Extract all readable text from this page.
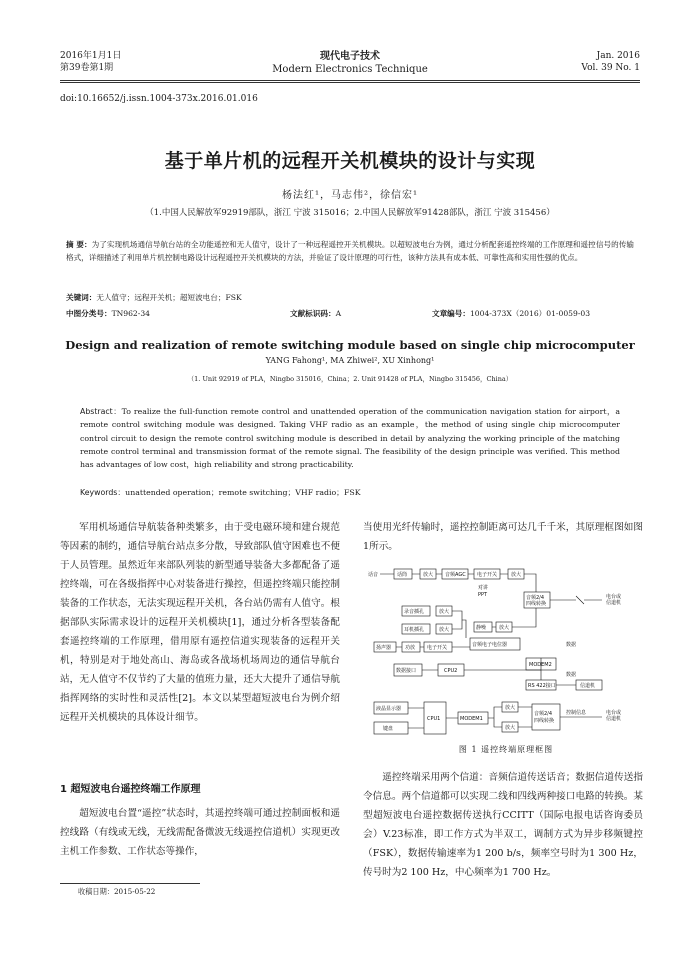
2016年1月1日
第39卷第1期
现代电子技术
Modern Electronics Technique
Jan. 2016
Vol. 39 No. 1
doi:10.16652/j.issn.1004-373x.2016.01.016
基于单片机的远程开关机模块的设计与实现
杨法红¹，马志伟²，徐信宏¹
（1.中国人民解放军92919部队，浙江 宁波 315016；2.中国人民解放军91428部队，浙江 宁波 315456）
摘 要：为了实现机场通信导航台站的全功能遥控和无人值守，设计了一种远程遥控开关机模块。以超短波电台为例，通过分析配套遥控终端的工作原理和遥控信号的传输格式，详细描述了利用单片机控制电路设计远程遥控开关机模块的方法，并验证了设计原理的可行性，该种方法具有成本低、可靠性高和实用性强的优点。
关键词：无人值守；远程开关机；超短波电台；FSK
中图分类号：TN962-34	文献标识码：A	文章编号：1004-373X（2016）01-0059-03
Design and realization of remote switching module based on single chip microcomputer
YANG Fahong¹, MA Zhiwei², XU Xinhong¹
（1. Unit 92919 of PLA，Ningbo 315016，China；2. Unit 91428 of PLA，Ningbo 315456，China）
Abstract：To realize the full-function remote control and unattended operation of the communication navigation station for airport，a remote control switching module was designed. Taking VHF radio as an example，the method of using single chip microcomputer control circuit to design the remote control switching module is described in detail by analyzing the working principle of the matching remote control terminal and transmission format of the remote signal. The feasibility of the design principle was verified. This method has advantages of low cost，high reliability and strong practicability.
Keywords：unattended operation；remote switching；VHF radio；FSK

军用机场通信导航装备种类繁多，由于受电磁环境和建台规范等因素的制约，通信导航台站点多分散，导致部队值守困难也不便于人员管理。虽然近年来部队列装的新型通导装备大多都配备了遥控终端，可在各级指挥中心对装备进行操控，但遥控终端只能控制装备的工作状态，无法实现远程开关机，各台站仍需有人值守。根据部队实际需求设计的远程开关机模块[1]，通过分析各型装备配套遥控终端的工作原理，借用原有遥控信道实现装备的远程开关机，特别是对于地处高山、海岛或各战场机场周边的通信导航台站，无人值守不仅节约了大量的值班力量，还大大提升了通信导航指挥网络的实时性和灵活性[2]。本文以某型超短波电台为例介绍远程开关机模块的具体设计细节。

1 超短波电台遥控终端工作原理

超短波电台置“遥控”状态时，其遥控终端可通过控制面板和遥控线路（有线或无线，无线需配备微波无线遥控信道机）实现更改主机工作参数、工作状态等操作，

收稿日期：2015-05-22

当使用光纤传输时，遥控控制距离可达几千千米，其原理框图如图1所示。

话音	话筒	放大 音频AGC 电子开关	放大
对讲
PPT	音频2/4
四线转换
电台或
信道机
录音插孔	放大
耳机插孔	放大	静噪	放大
扬声器	功放 电子开关	音频电子电位器	数据
数据接口	CPU2
MODEM2
数据
RS 422接口	信道机
液晶显示器
键盘
CPU1	MODEM1
放大
放大
音频2/4
四线转换
控制信息	电台或
信道机
图 1 遥控终端原理框图

遥控终端采用两个信道：音频信道传送话音；数据信道传送指令信息。两个信道都可以实现二线和四线两种接口电路的转换。某型超短波电台遥控数据传送执行CCITT（国际电报电话咨询委员会）V.23标准，即工作方式为半双工，调制方式为异步移频键控（FSK），数据传输速率为1 200 b/s，频率空号时为1 300 Hz，传号时为2 100 Hz，中心频率为1 700 Hz。
